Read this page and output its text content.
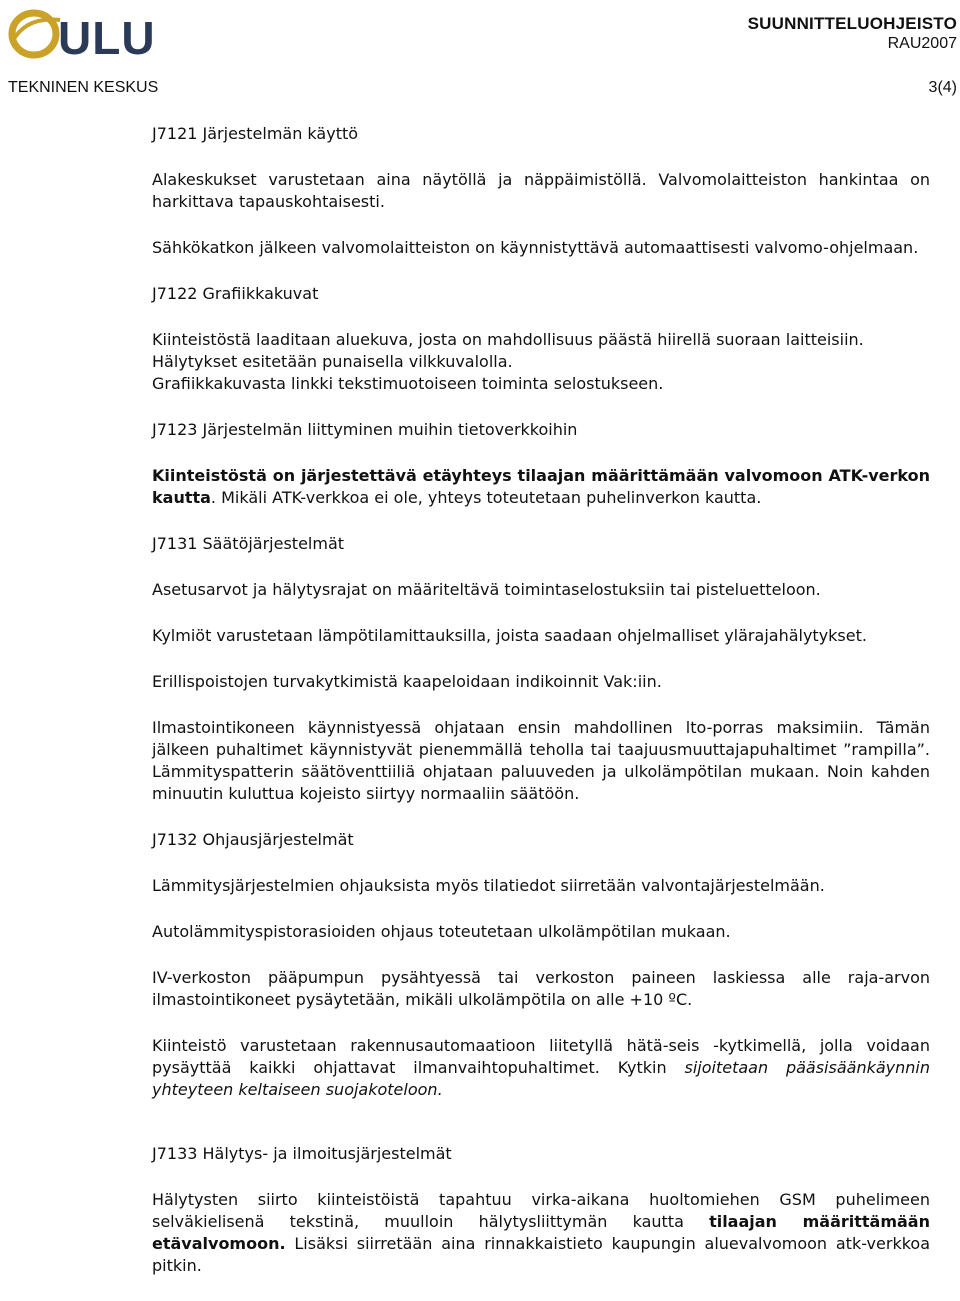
ULU	SUUNNITTELUOHJEISTO
RAU2007
TEKNINEN KESKUS	3(4)
J7121 Järjestelmän käyttö
Alakeskukset varustetaan aina näytöllä ja näppäimistöllä. Valvomolaitteiston hankintaa on harkittava tapauskohtaisesti.
Sähkökatkon jälkeen valvomolaitteiston on käynnistyttävä automaattisesti valvomo-ohjelmaan.
J7122 Grafiikkakuvat
Kiinteistöstä laaditaan aluekuva, josta on mahdollisuus päästä hiirellä suoraan laitteisiin.
Hälytykset esitetään punaisella vilkkuvalolla.
Grafiikkakuvasta linkki tekstimuotoiseen toiminta selostukseen.
J7123 Järjestelmän liittyminen muihin tietoverkkoihin
Kiinteistöstä on järjestettävä etäyhteys tilaajan määrittämään valvomoon ATK-verkon kautta. Mikäli ATK-verkkoa ei ole, yhteys toteutetaan puhelinverkon kautta.
J7131 Säätöjärjestelmät
Asetusarvot ja hälytysrajat on määriteltävä toimintaselostuksiin tai pisteluetteloon.
Kylmiöt varustetaan lämpötilamittauksilla, joista saadaan ohjelmalliset ylärajahälytykset.
Erillispoistojen turvakytkimistä kaapeloidaan indikoinnit Vak:iin.
Ilmastointikoneen käynnistyessä ohjataan ensin mahdollinen lto-porras maksimiin. Tämän jälkeen puhaltimet käynnistyvät pienemmällä teholla tai taajuusmuuttajapuhaltimet ”rampilla”. Lämmityspatterin säätöventtiiliä ohjataan paluuveden ja ulkolämpötilan mukaan. Noin kahden minuutin kuluttua kojeisto siirtyy normaaliin säätöön.
J7132 Ohjausjärjestelmät
Lämmitysjärjestelmien ohjauksista myös tilatiedot siirretään valvontajärjestelmään.
Autolämmityspistorasioiden ohjaus toteutetaan ulkolämpötilan mukaan.
IV-verkoston pääpumpun pysähtyessä tai verkoston paineen laskiessa alle raja-arvon ilmastointikoneet pysäytetään, mikäli ulkolämpötila on alle +10 ºC.
Kiinteistö varustetaan rakennusautomaatioon liitetyllä hätä-seis -kytkimellä, jolla voidaan pysäyttää kaikki ohjattavat ilmanvaihtopuhaltimet. Kytkin sijoitetaan pääsisäänkäynnin yhteyteen keltaiseen suojakoteloon.
J7133 Hälytys- ja ilmoitusjärjestelmät
Hälytysten siirto kiinteistöistä tapahtuu virka-aikana huoltomiehen GSM puhelimeen selväkielisenä tekstinä, muulloin hälytysliittymän kautta tilaajan määrittämään etävalvomoon. Lisäksi siirretään aina rinnakkaistieto kaupungin aluevalvomoon atk-verkkoa pitkin.
